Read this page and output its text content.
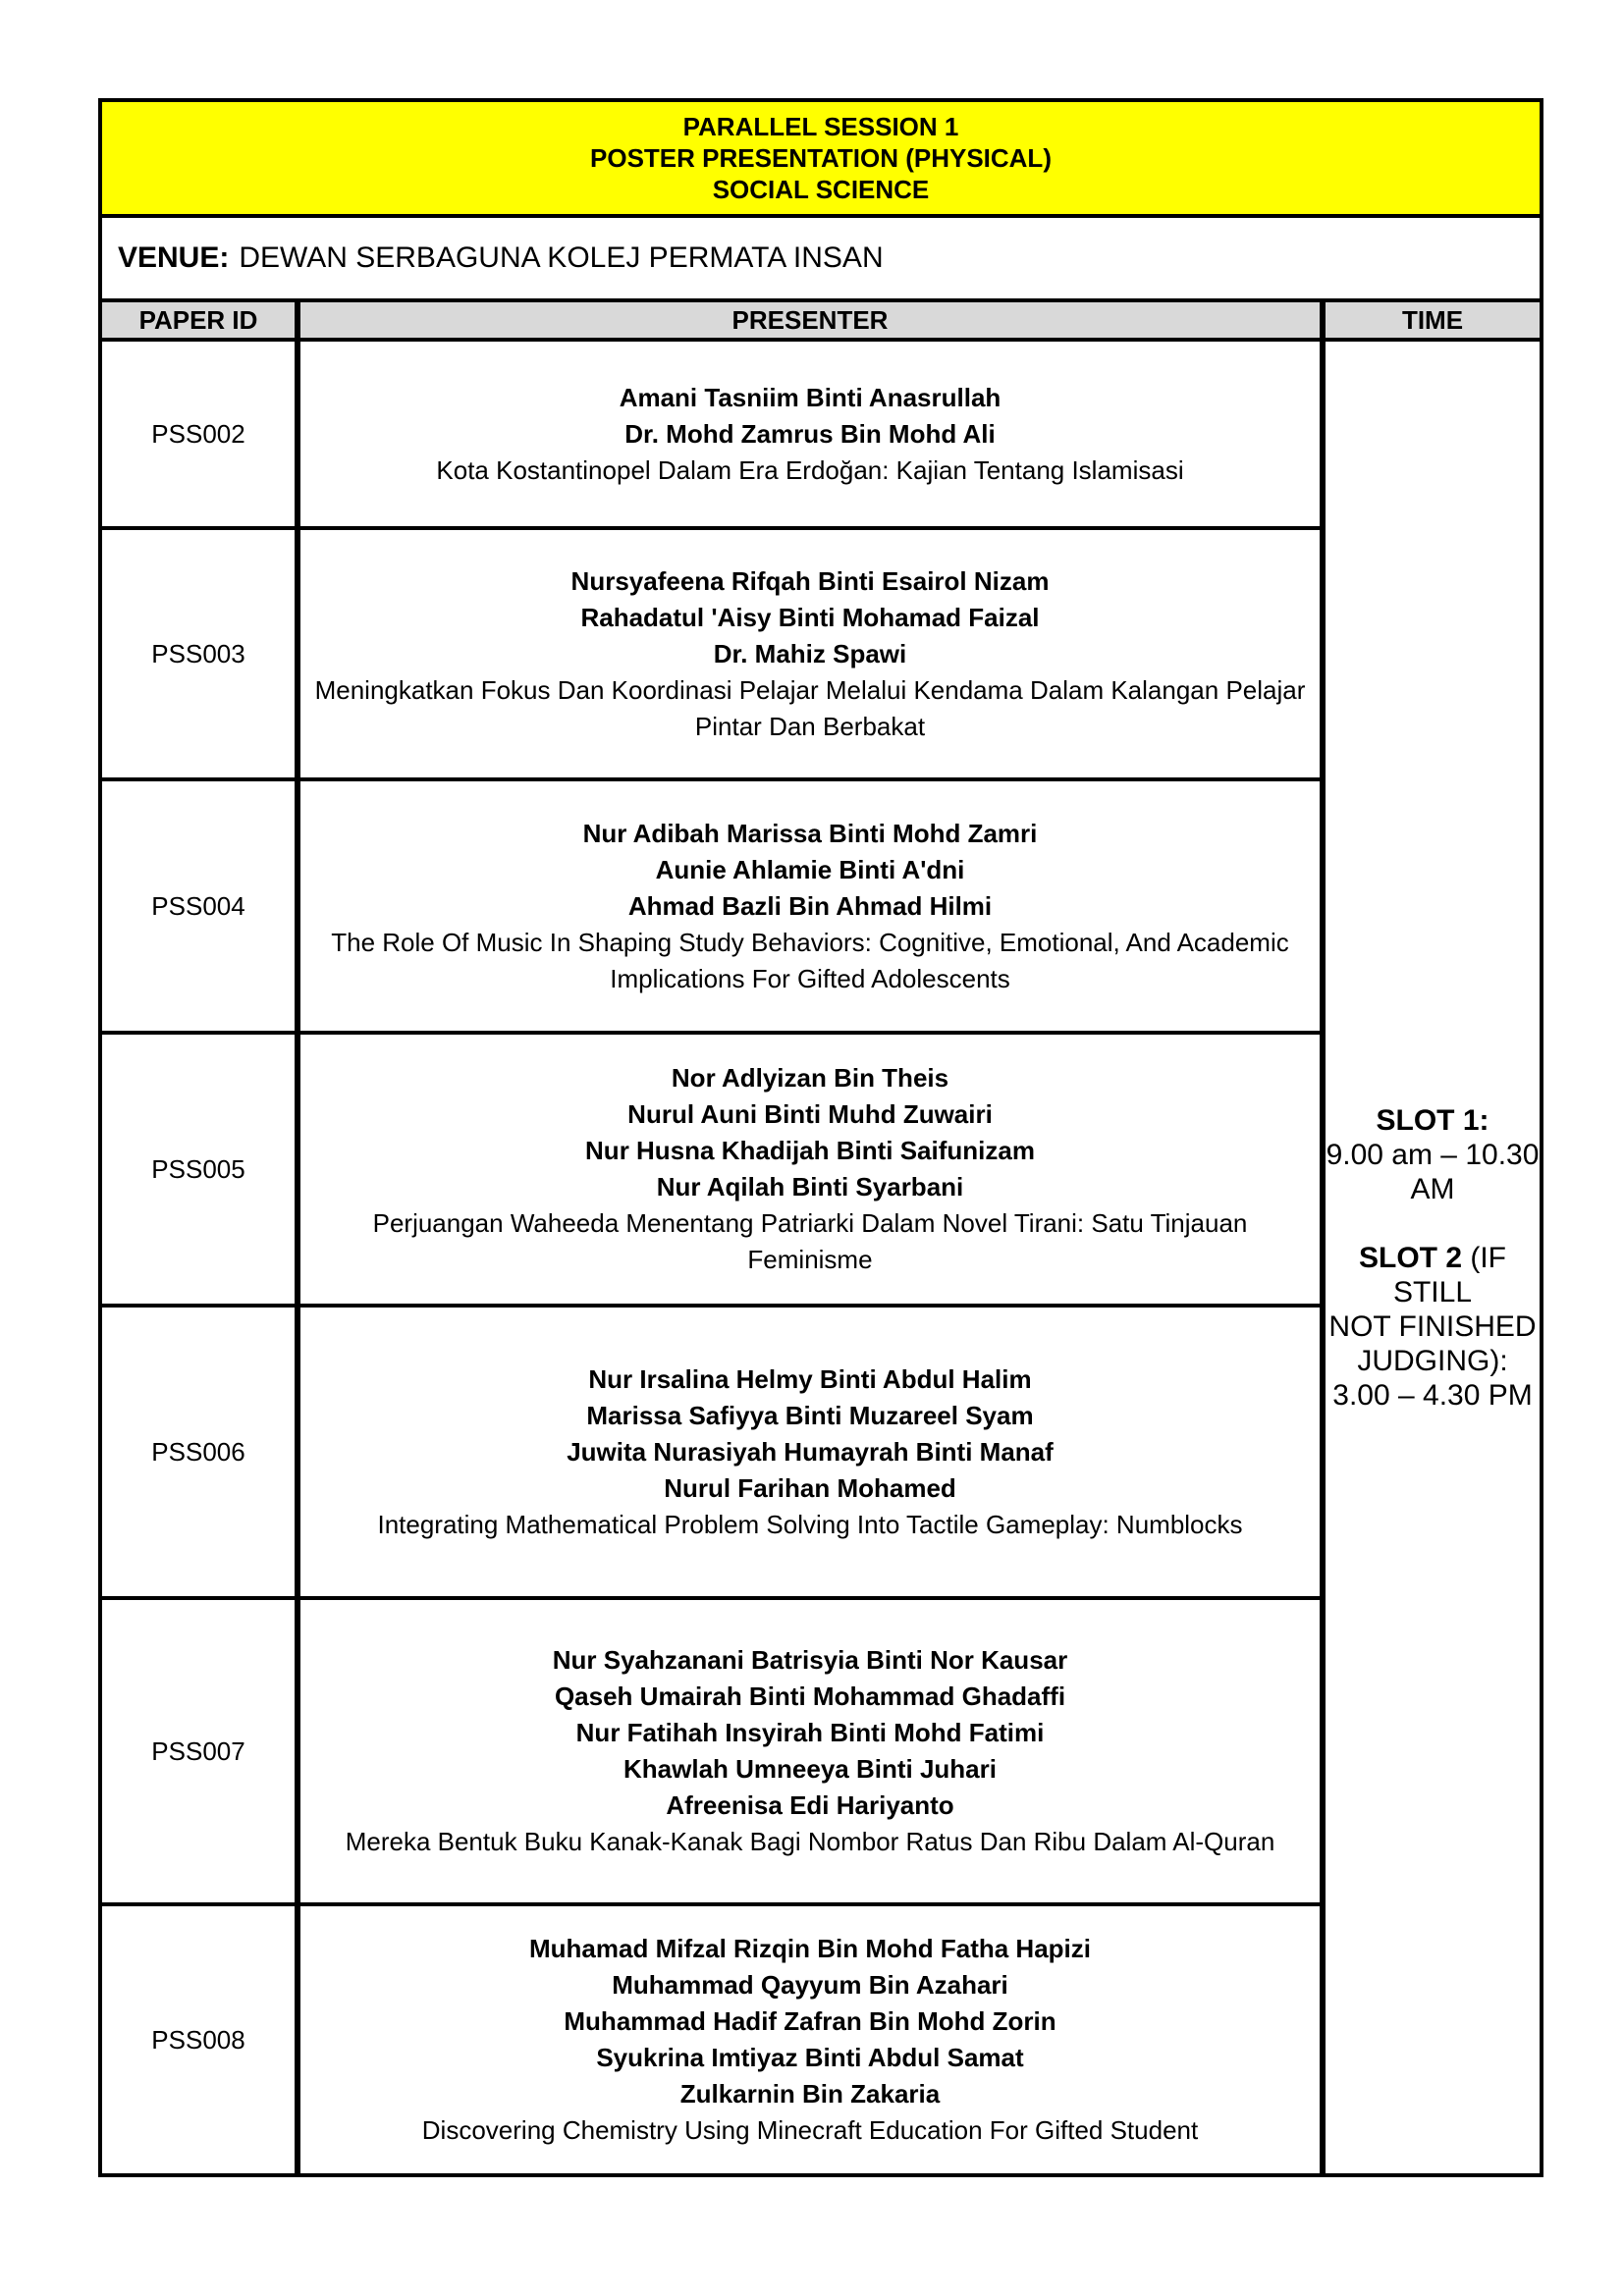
PARALLEL SESSION 1
POSTER PRESENTATION (PHYSICAL)
SOCIAL SCIENCE
VENUE: DEWAN SERBAGUNA KOLEJ PERMATA INSAN
PAPER ID	PRESENTER	TIME
PSS002
Amani Tasniim Binti Anasrullah
Dr. Mohd Zamrus Bin Mohd Ali
Kota Kostantinopel Dalam Era Erdoğan: Kajian Tentang Islamisasi
PSS003
Nursyafeena Rifqah Binti Esairol Nizam
Rahadatul 'Aisy Binti Mohamad Faizal
Dr. Mahiz Spawi
Meningkatkan Fokus Dan Koordinasi Pelajar Melalui Kendama Dalam Kalangan Pelajar Pintar Dan Berbakat
PSS004
Nur Adibah Marissa Binti Mohd Zamri
Aunie Ahlamie Binti A'dni
Ahmad Bazli Bin Ahmad Hilmi
The Role Of Music In Shaping Study Behaviors: Cognitive, Emotional, And Academic Implications For Gifted Adolescents
PSS005
Nor Adlyizan Bin Theis
Nurul Auni Binti Muhd Zuwairi
Nur Husna Khadijah Binti Saifunizam
Nur Aqilah Binti Syarbani
Perjuangan Waheeda Menentang Patriarki Dalam Novel Tirani: Satu Tinjauan Feminisme
PSS006
Nur Irsalina Helmy Binti Abdul Halim
Marissa Safiyya Binti Muzareel Syam
Juwita Nurasiyah Humayrah Binti Manaf
Nurul Farihan Mohamed
Integrating Mathematical Problem Solving Into Tactile Gameplay: Numblocks
PSS007
Nur Syahzanani Batrisyia Binti Nor Kausar
Qaseh Umairah Binti Mohammad Ghadaffi
Nur Fatihah Insyirah Binti Mohd Fatimi
Khawlah Umneeya Binti Juhari
Afreenisa Edi Hariyanto
Mereka Bentuk Buku Kanak-Kanak Bagi Nombor Ratus Dan Ribu Dalam Al-Quran
PSS008
Muhamad Mifzal Rizqin Bin Mohd Fatha Hapizi
Muhammad Qayyum Bin Azahari
Muhammad Hadif Zafran Bin Mohd Zorin
Syukrina Imtiyaz Binti Abdul Samat
Zulkarnin Bin Zakaria
Discovering Chemistry Using Minecraft Education For Gifted Student
SLOT 1:
9.00 am – 10.30 AM
SLOT 2 (IF STILL
NOT FINISHED
JUDGING):
3.00 – 4.30 PM
